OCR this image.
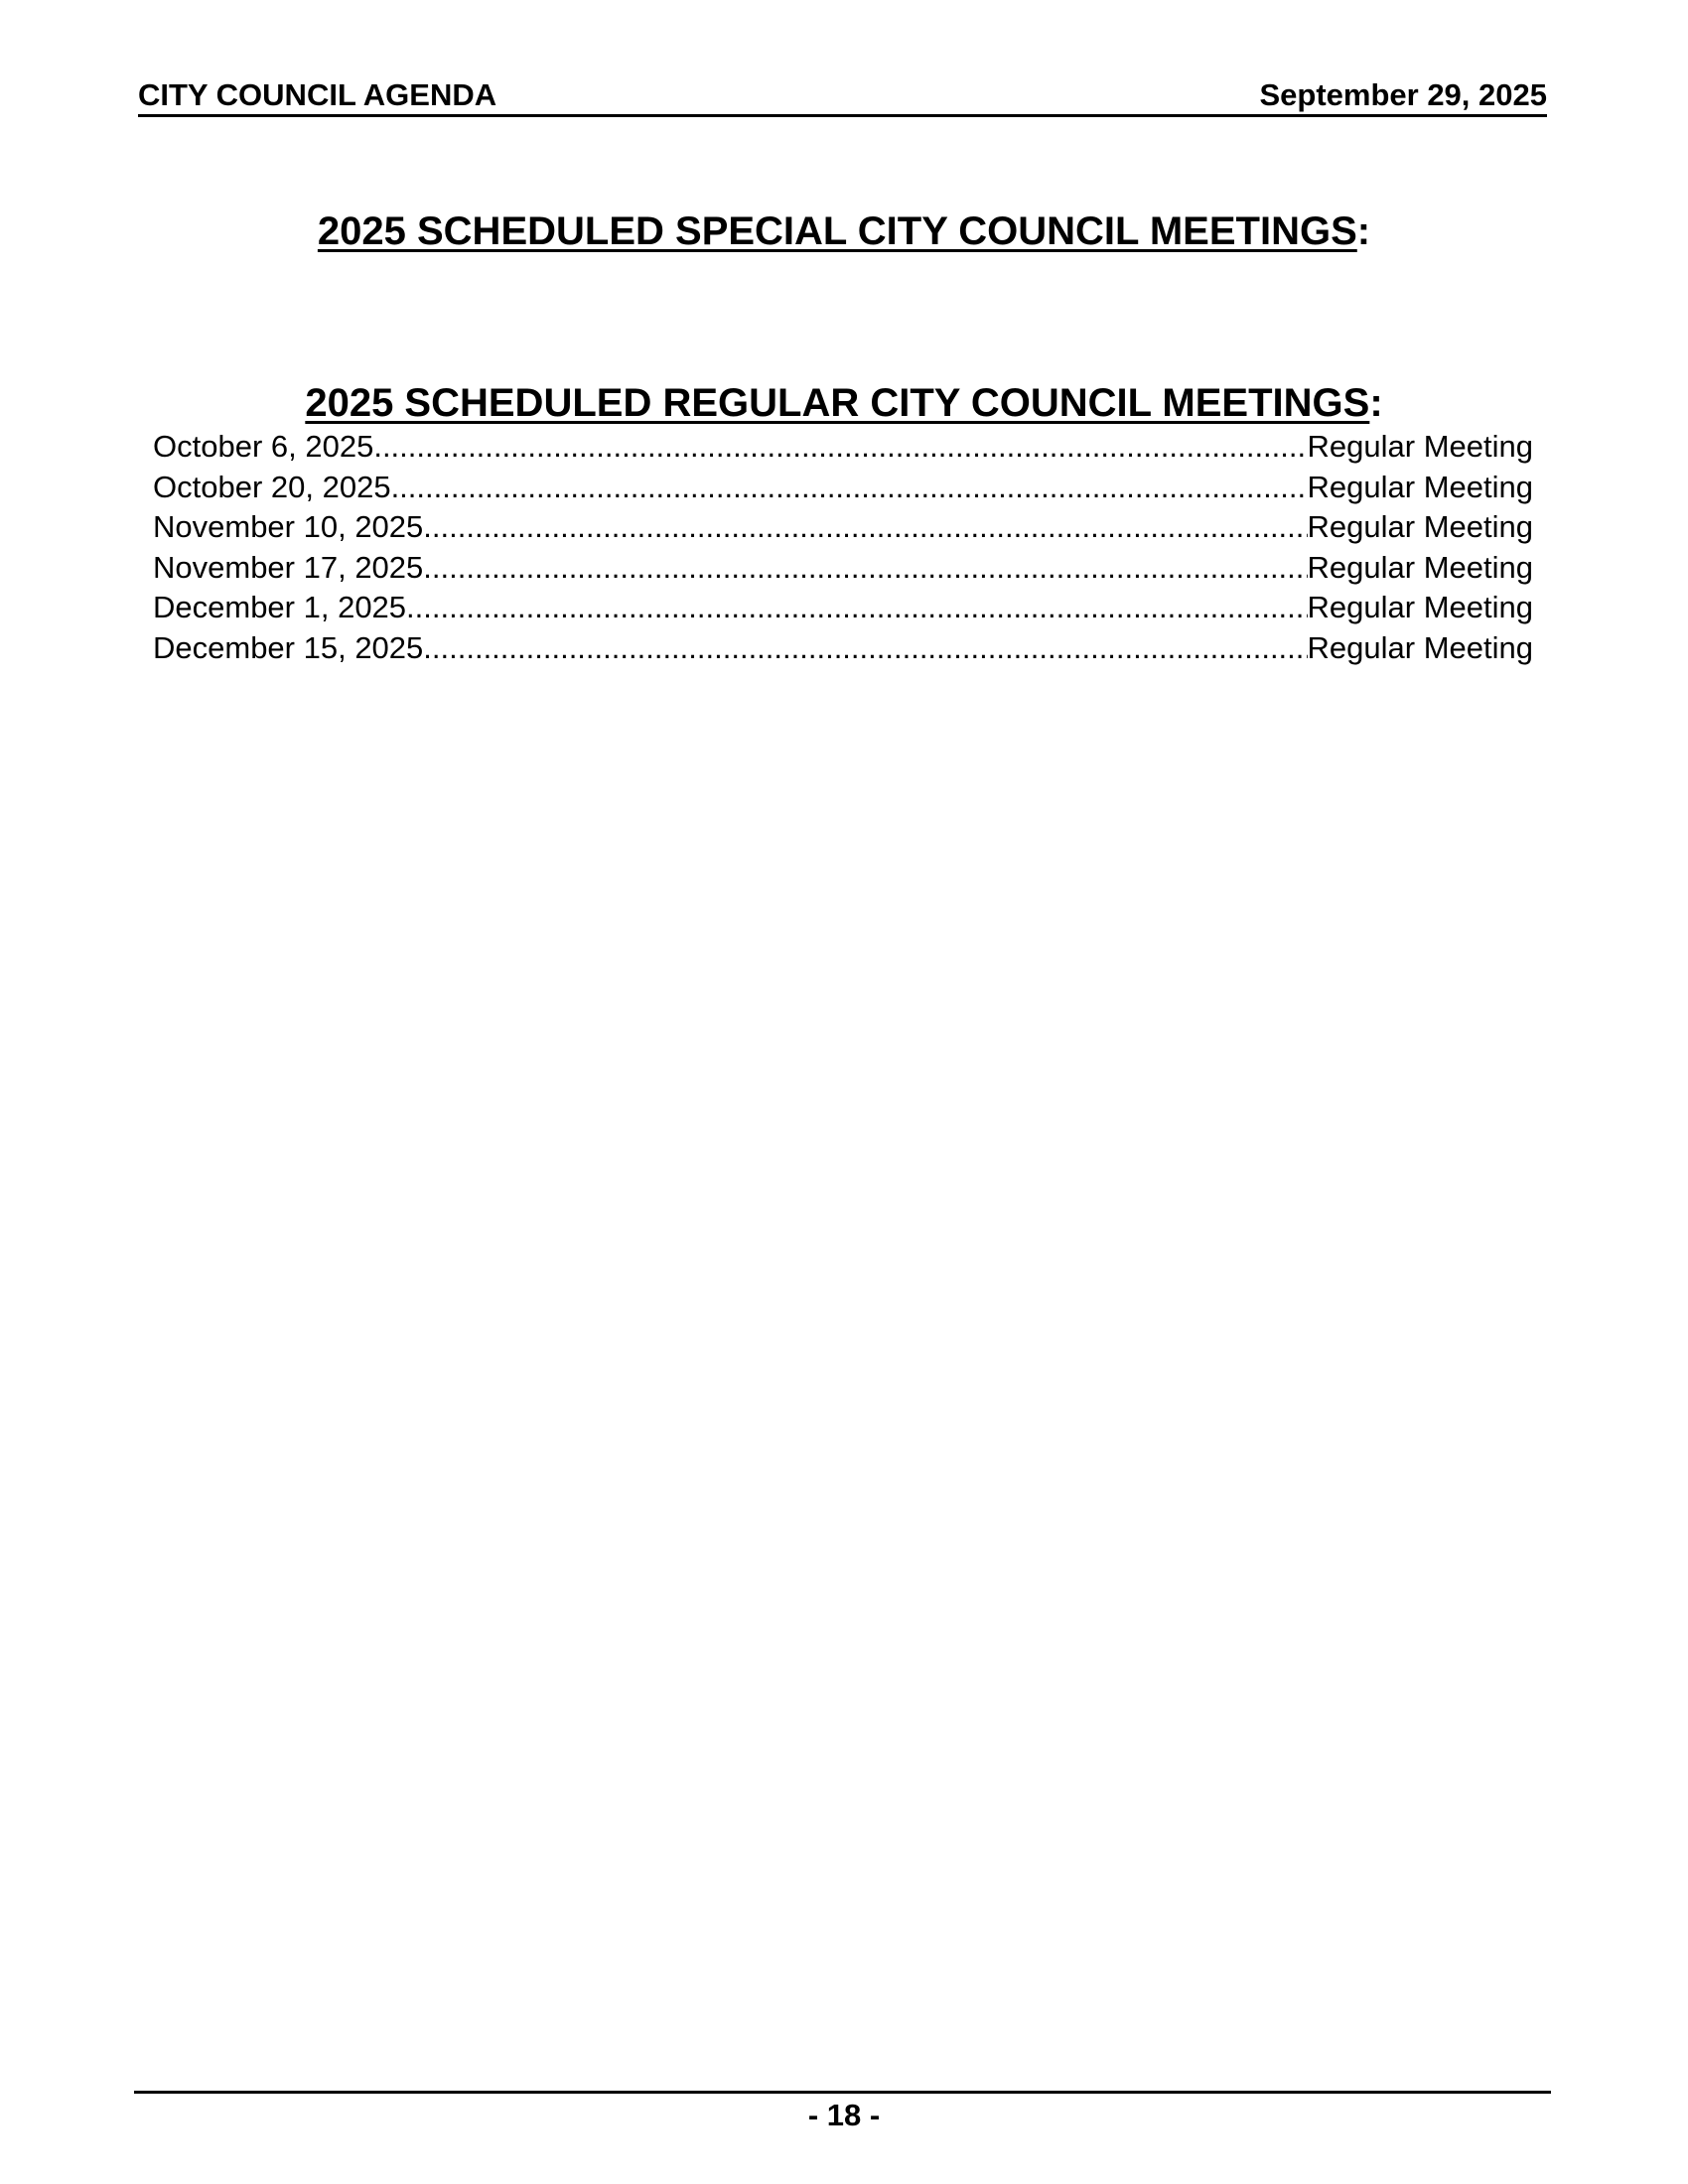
CITY COUNCIL AGENDA	September 29, 2025
2025 SCHEDULED SPECIAL CITY COUNCIL MEETINGS:
2025 SCHEDULED REGULAR CITY COUNCIL MEETINGS:
October 6, 2025 .....	Regular Meeting
October 20, 2025 .....	Regular Meeting
November 10, 2025 .....	Regular Meeting
November 17, 2025 .....	Regular Meeting
December 1, 2025 .....	Regular Meeting
December 15, 2025 .....	Regular Meeting
- 18 -
